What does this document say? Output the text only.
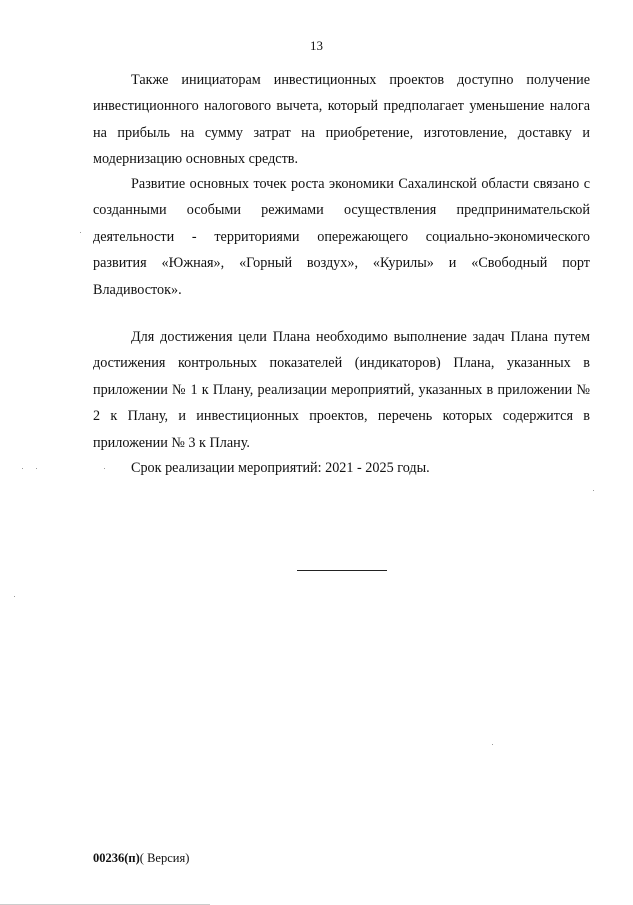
13

Также инициаторам инвестиционных проектов доступно получение инвестиционного налогового вычета, который предполагает уменьшение налога на прибыль на сумму затрат на приобретение, изготовление, доставку и модернизацию основных средств.

Развитие основных точек роста экономики Сахалинской области связано с созданными особыми режимами осуществления предпринимательской деятельности - территориями опережающего социально-экономического развития «Южная», «Горный воздух», «Курилы» и «Свободный порт Владивосток».

Для достижения цели Плана необходимо выполнение задач Плана путем достижения контрольных показателей (индикаторов) Плана, указанных в приложении № 1 к Плану, реализации мероприятий, указанных в приложении № 2 к Плану, и инвестиционных проектов, перечень которых содержится в приложении № 3 к Плану.

Срок реализации мероприятий: 2021 - 2025 годы.

00236(п)( Версия)
